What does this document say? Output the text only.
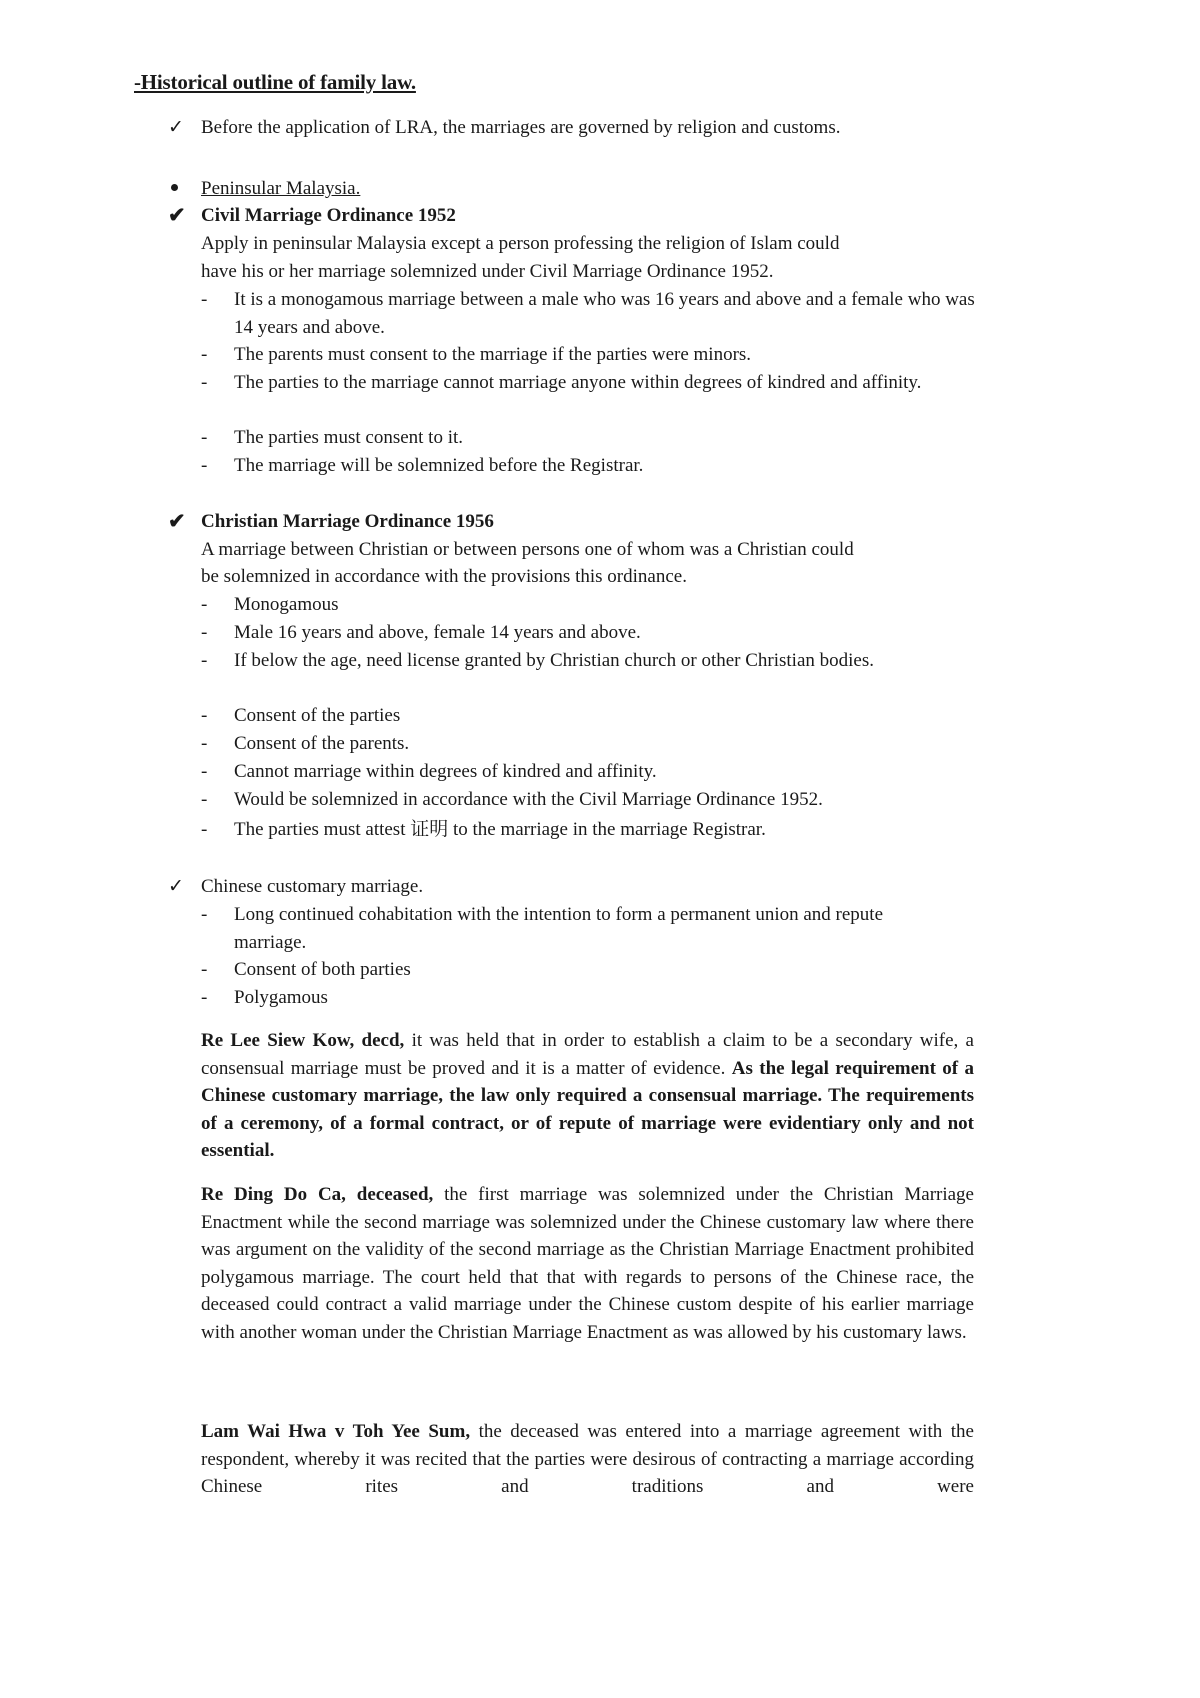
-Historical outline of family law.
✓ Before the application of LRA, the marriages are governed by religion and customs.
Peninsular Malaysia.
✔ Civil Marriage Ordinance 1952
Apply in peninsular Malaysia except a person professing the religion of Islam could
have his or her marriage solemnized under Civil Marriage Ordinance 1952.
- It is a monogamous marriage between a male who was 16 years and above and a female who was 14 years and above.
- The parents must consent to the marriage if the parties were minors.
- The parties to the marriage cannot marriage anyone within degrees of kindred and affinity.
- The parties must consent to it.
- The marriage will be solemnized before the Registrar.
✔ Christian Marriage Ordinance 1956
A marriage between Christian or between persons one of whom was a Christian could
be solemnized in accordance with the provisions this ordinance.
- Monogamous
- Male 16 years and above, female 14 years and above.
- If below the age, need license granted by Christian church or other Christian bodies.
- Consent of the parties
- Consent of the parents.
- Cannot marriage within degrees of kindred and affinity.
- Would be solemnized in accordance with the Civil Marriage Ordinance 1952.
- The parties must attest 证明 to the marriage in the marriage Registrar.
✓ Chinese customary marriage.
- Long continued cohabitation with the intention to form a permanent union and repute marriage.
- Consent of both parties
- Polygamous
Re Lee Siew Kow, decd, it was held that in order to establish a claim to be a secondary wife, a consensual marriage must be proved and it is a matter of evidence. As the legal requirement of a Chinese customary marriage, the law only required a consensual marriage. The requirements of a ceremony, of a formal contract, or of repute of marriage were evidentiary only and not essential.
Re Ding Do Ca, deceased, the first marriage was solemnized under the Christian Marriage Enactment while the second marriage was solemnized under the Chinese customary law where there was argument on the validity of the second marriage as the Christian Marriage Enactment prohibited polygamous marriage. The court held that that with regards to persons of the Chinese race, the deceased could contract a valid marriage under the Chinese custom despite of his earlier marriage with another woman under the Christian Marriage Enactment as was allowed by his customary laws.
Lam Wai Hwa v Toh Yee Sum, the deceased was entered into a marriage agreement with the respondent, whereby it was recited that the parties were desirous of contracting a marriage according Chinese rites and traditions and were
